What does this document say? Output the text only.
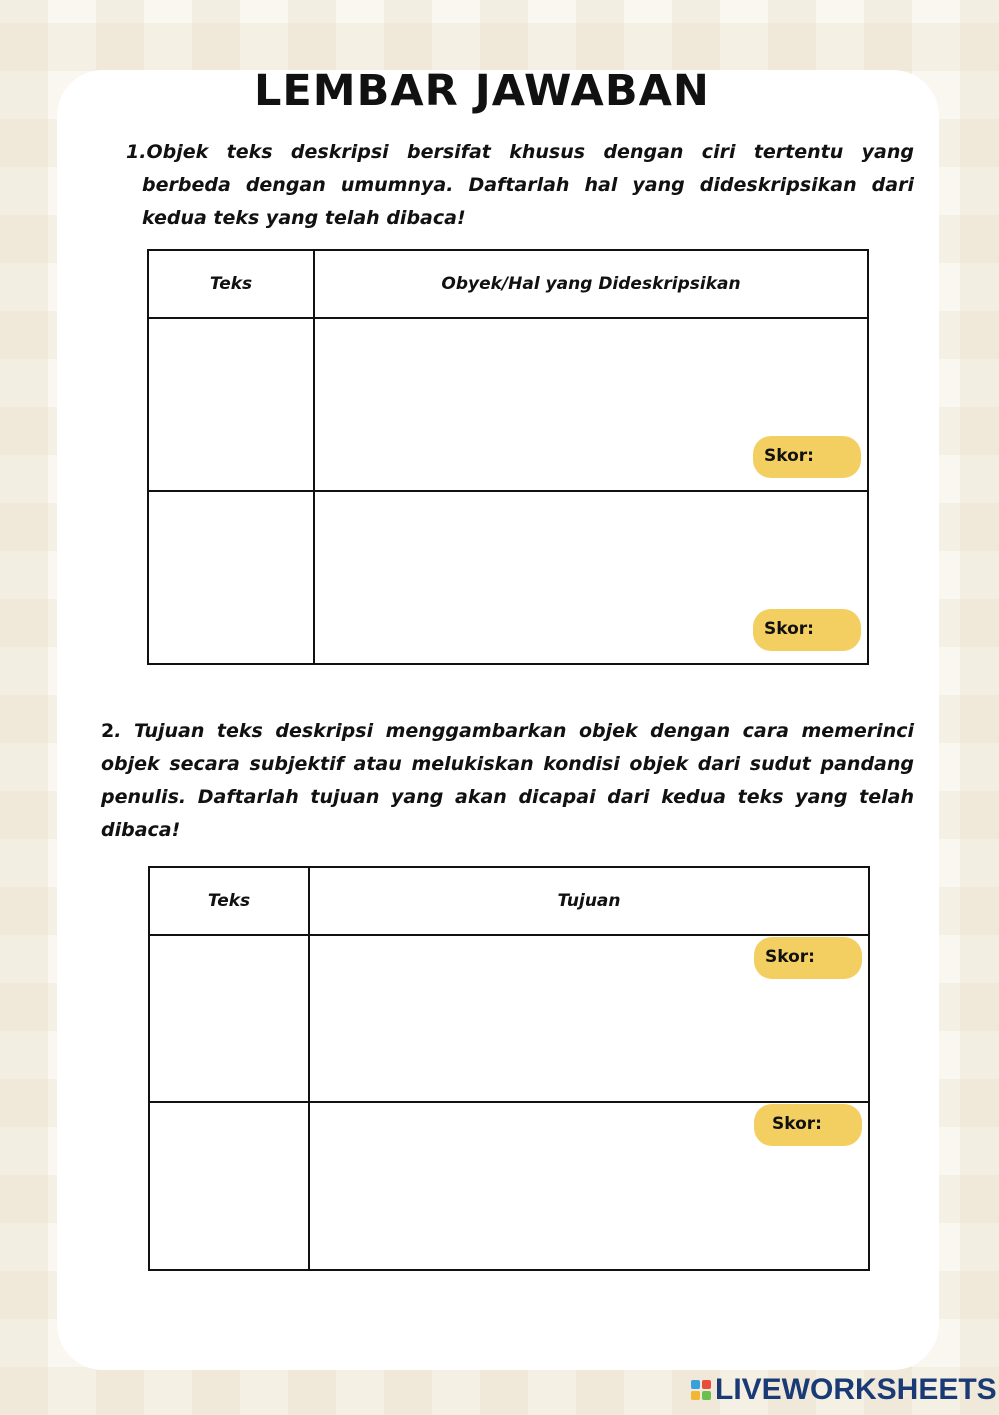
LEMBAR JAWABAN

1.Objek teks deskripsi bersifat khusus dengan ciri tertentu yang berbeda dengan umumnya. Daftarlah hal yang dideskripsikan dari kedua teks yang telah dibaca!

Teks	Obyek/Hal yang Dideskripsikan

	Skor:

	Skor:

2. Tujuan teks deskripsi menggambarkan objek dengan cara memerinci objek secara subjektif atau melukiskan kondisi objek dari sudut pandang penulis. Daftarlah tujuan yang akan dicapai dari kedua teks yang telah dibaca!

Teks	Tujuan

	Skor:

	Skor:
LIVEWORKSHEETS
